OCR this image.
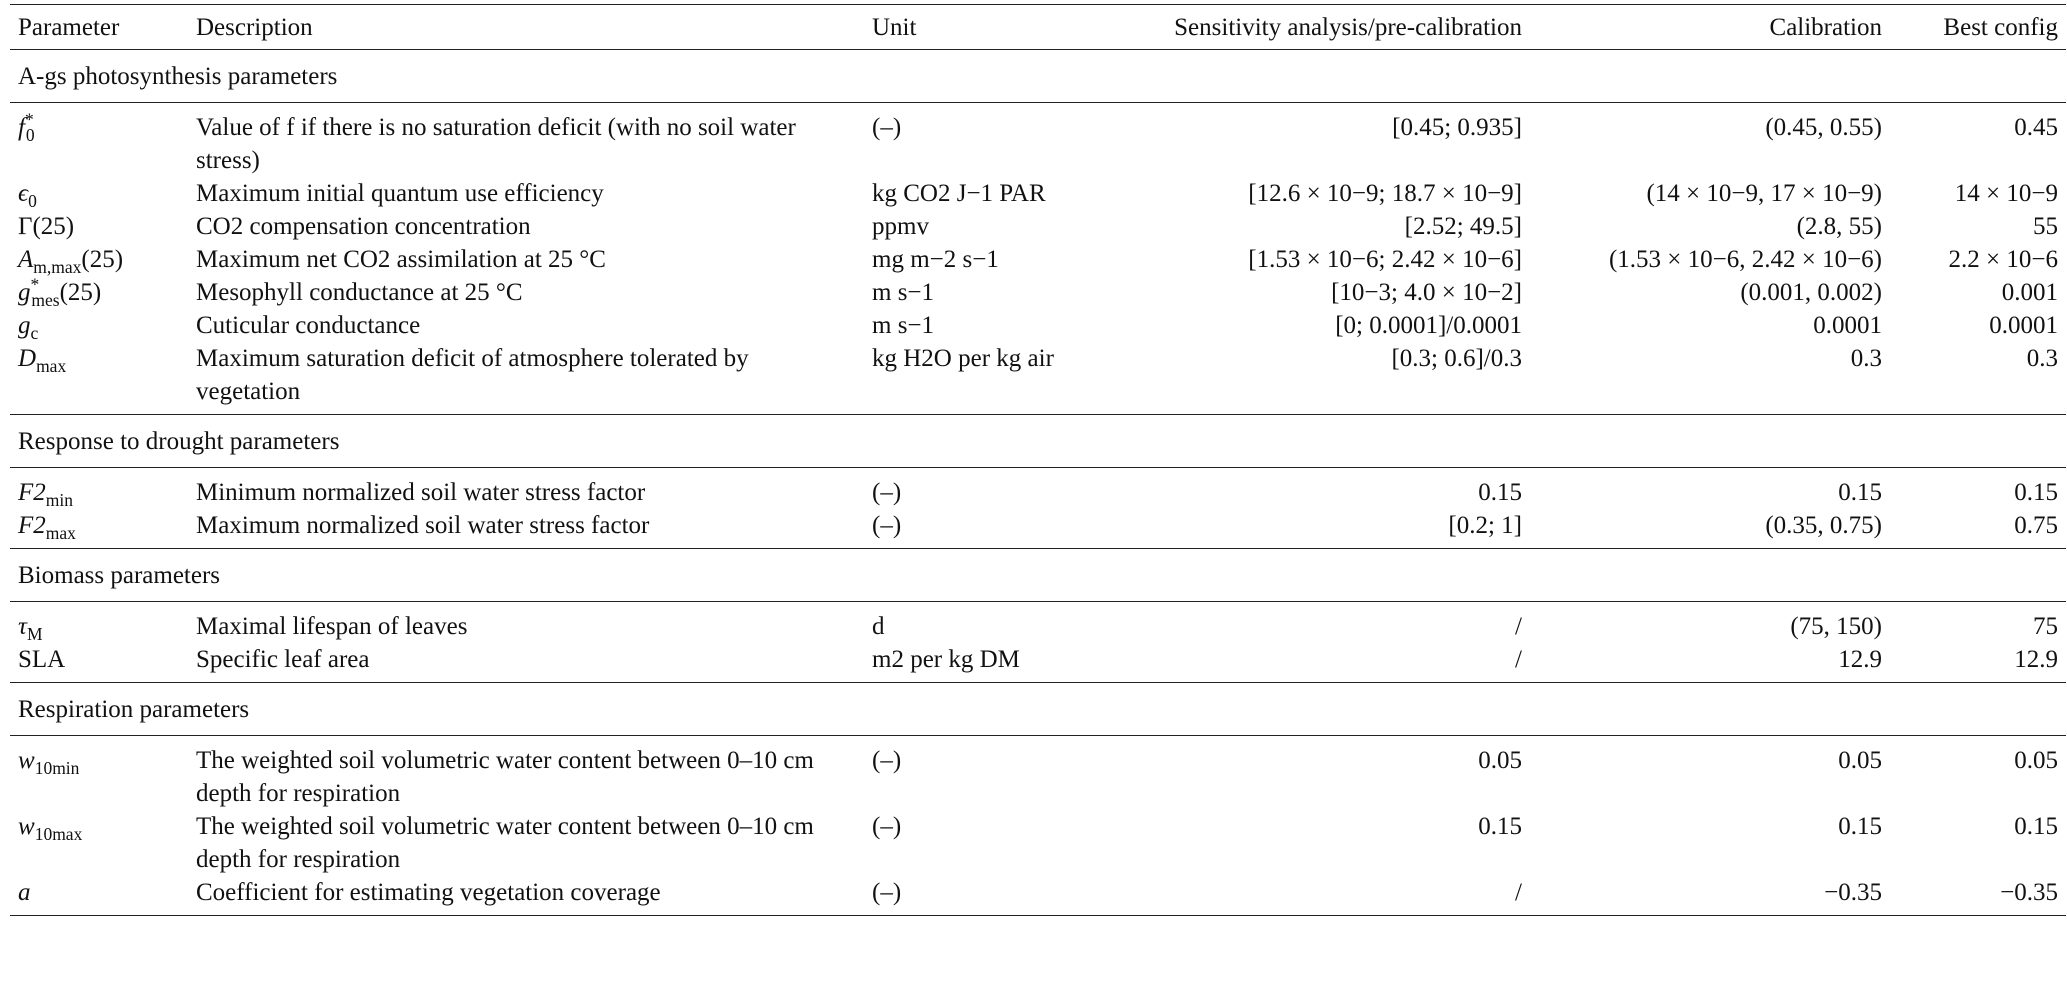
Parameter	Description	Unit	Sensitivity analysis/pre-calibration	Calibration	Best config
A-gs photosynthesis parameters					
$f^*_0$	Value of f if there is no saturation deficit (with no soil water stress)	(–)	[0.45; 0.935]	(0.45, 0.55)	0.45
$\epsilon_0$	Maximum initial quantum use efficiency	kg CO2 J−1 PAR	[12.6 × 10−9; 18.7 × 10−9]	(14 × 10−9, 17 × 10−9)	14 × 10−9
Γ(25)	CO2 compensation concentration	ppmv	[2.52; 49.5]	(2.8, 55)	55
$A_{m,max}(25)$	Maximum net CO2 assimilation at 25 °C	mg m−2 s−1	[1.53 × 10−6; 2.42 × 10−6]	(1.53 × 10−6, 2.42 × 10−6)	2.2 × 10−6
$g^*_{mes}(25)$	Mesophyll conductance at 25 °C	m s−1	[10−3; 4.0 × 10−2]	(0.001, 0.002)	0.001
$g_c$	Cuticular conductance	m s−1	[0; 0.0001]/0.0001	0.0001	0.0001
$D_{max}$	Maximum saturation deficit of atmosphere tolerated by vegetation	kg H2O per kg air	[0.3; 0.6]/0.3	0.3	0.3
Response to drought parameters					
$F2_{min}$	Minimum normalized soil water stress factor	(–)	0.15	0.15	0.15
$F2_{max}$	Maximum normalized soil water stress factor	(–)	[0.2; 1]	(0.35, 0.75)	0.75
Biomass parameters					
$\tau_M$	Maximal lifespan of leaves	d	/	(75, 150)	75
SLA	Specific leaf area	m2 per kg DM	/	12.9	12.9
Respiration parameters					
$w_{10min}$	The weighted soil volumetric water content between 0–10 cm depth for respiration	(–)	0.05	0.05	0.05
$w_{10max}$	The weighted soil volumetric water content between 0–10 cm depth for respiration	(–)	0.15	0.15	0.15
a	Coefficient for estimating vegetation coverage	(–)	/	−0.35	−0.35
